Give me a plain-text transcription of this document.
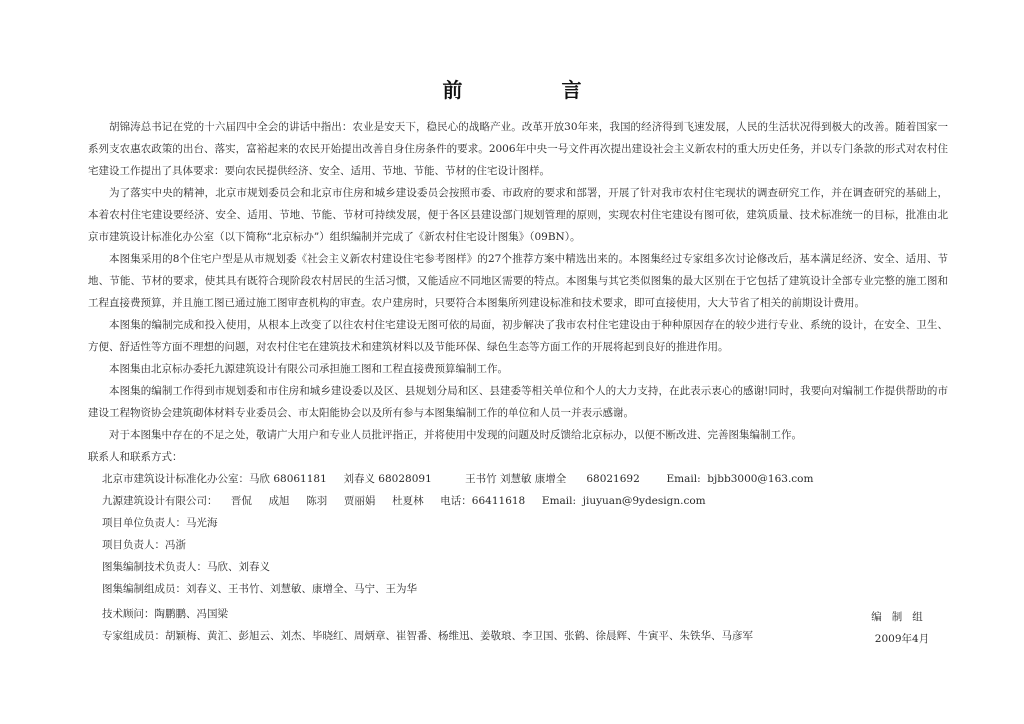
前 言

胡锦涛总书记在党的十六届四中全会的讲话中指出：农业是安天下，稳民心的战略产业。改革开放30年来，我国的经济得到飞速发展，人民的生活状况得到极大的改善。随着国家一系列支农惠农政策的出台、落实，富裕起来的农民开始提出改善自身住房条件的要求。2006年中央一号文件再次提出建设社会主义新农村的重大历史任务，并以专门条款的形式对农村住宅建设工作提出了具体要求：要向农民提供经济、安全、适用、节地、节能、节材的住宅设计图样。

为了落实中央的精神，北京市规划委员会和北京市住房和城乡建设委员会按照市委、市政府的要求和部署，开展了针对我市农村住宅现状的调查研究工作，并在调查研究的基础上，本着农村住宅建设要经济、安全、适用、节地、节能、节材可持续发展，便于各区县建设部门规划管理的原则，实现农村住宅建设有图可依，建筑质量、技术标准统一的目标，批准由北京市建筑设计标准化办公室（以下简称“北京标办”）组织编制并完成了《新农村住宅设计图集》（09BN）。

本图集采用的8个住宅户型是从市规划委《社会主义新农村建设住宅参考图样》的27个推荐方案中精选出来的。本图集经过专家组多次讨论修改后，基本满足经济、安全、适用、节地、节能、节材的要求，使其具有既符合现阶段农村居民的生活习惯，又能适应不同地区需要的特点。本图集与其它类似图集的最大区别在于它包括了建筑设计全部专业完整的施工图和工程直接费预算，并且施工图已通过施工图审查机构的审查。农户建房时，只要符合本图集所列建设标准和技术要求，即可直接使用，大大节省了相关的前期设计费用。

本图集的编制完成和投入使用，从根本上改变了以往农村住宅建设无图可依的局面，初步解决了我市农村住宅建设由于种种原因存在的较少进行专业、系统的设计，在安全、卫生、方便、舒适性等方面不理想的问题，对农村住宅在建筑技术和建筑材料以及节能环保、绿色生态等方面工作的开展将起到良好的推进作用。

本图集由北京标办委托九源建筑设计有限公司承担施工图和工程直接费预算编制工作。

本图集的编制工作得到市规划委和市住房和城乡建设委以及区、县规划分局和区、县建委等相关单位和个人的大力支持，在此表示衷心的感谢!同时，我要向对编制工作提供帮助的市建设工程物资协会建筑砌体材料专业委员会、市太阳能协会以及所有参与本图集编制工作的单位和人员一并表示感谢。

对于本图集中存在的不足之处，敬请广大用户和专业人员批评指正，并将使用中发现的问题及时反馈给北京标办，以便不断改进、完善图集编制工作。

联系人和联系方式：

北京市建筑设计标准化办公室：马欣 68061181     刘春义 68028091          王书竹 刘慧敏 康增全      68021692        Email:  bjbb3000@163.com

九源建筑设计有限公司：    晋侃     成旭     陈羽     贾丽娟     杜夏林     电话：66411618     Email:  jiuyuan@9ydesign.com

项目单位负责人：马光海

项目负责人：冯浙

图集编制技术负责人：马欣、刘春义

图集编制组成员：刘春义、王书竹、刘慧敏、康增全、马宁、王为华

技术顾问：陶鹏鹏、冯国梁

专家组成员：胡颖梅、黄汇、彭旭云、刘杰、毕晓红、周炳章、崔智番、杨维迅、姜敬琅、李卫国、张鹤、徐晨辉、牛寅平、朱铁华、马彦军

编制组
2009年4月
